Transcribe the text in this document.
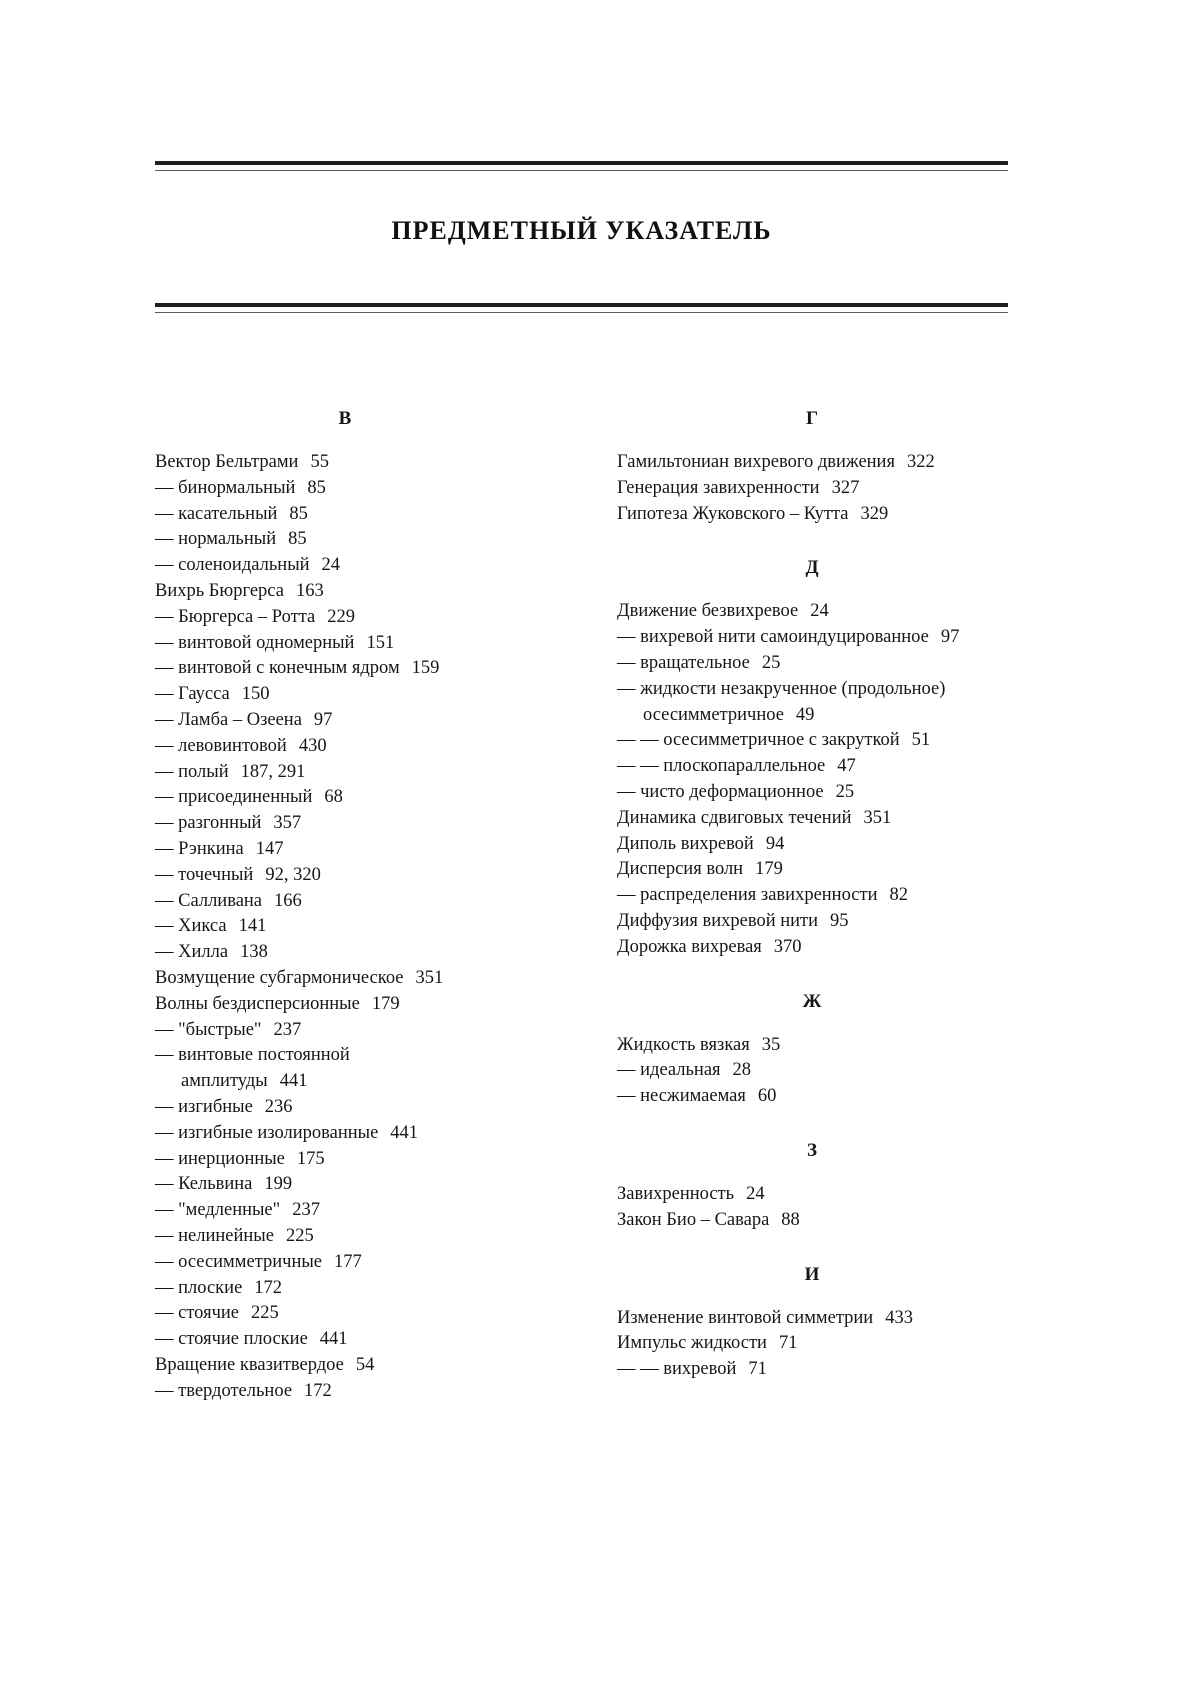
ПРЕДМЕТНЫЙ УКАЗАТЕЛЬ
В
Вектор Бельтрами 55
— бинормальный 85
— касательный 85
— нормальный 85
— соленоидальный 24
Вихрь Бюргерса 163
— Бюргерса – Ротта 229
— винтовой одномерный 151
— винтовой с конечным ядром 159
— Гаусса 150
— Ламба – Озеена 97
— левовинтовой 430
— полый 187, 291
— присоединенный 68
— разгонный 357
— Рэнкина 147
— точечный 92, 320
— Салливана 166
— Хикса 141
— Хилла 138
Возмущение субгармоническое 351
Волны бездисперсионные 179
— "быстрые" 237
— винтовые постоянной
амплитуды 441
— изгибные 236
— изгибные изолированные 441
— инерционные 175
— Кельвина 199
— "медленные" 237
— нелинейные 225
— осесимметричные 177
— плоские 172
— стоячие 225
— стоячие плоские 441
Вращение квазитвердое 54
— твердотельное 172
Г
Гамильтониан вихревого движения 322
Генерация завихренности 327
Гипотеза Жуковского – Кутта 329
Д
Движение безвихревое 24
— вихревой нити самоиндуцированное 97
— вращательное 25
— жидкости незакрученное (продольное)
осесимметричное 49
— — осесимметричное с закруткой 51
— — плоскопараллельное 47
— чисто деформационное 25
Динамика сдвиговых течений 351
Диполь вихревой 94
Дисперсия волн 179
— распределения завихренности 82
Диффузия вихревой нити 95
Дорожка вихревая 370
Ж
Жидкость вязкая 35
— идеальная 28
— несжимаемая 60
З
Завихренность 24
Закон Био – Савара 88
И
Изменение винтовой симметрии 433
Импульс жидкости 71
— — вихревой 71
